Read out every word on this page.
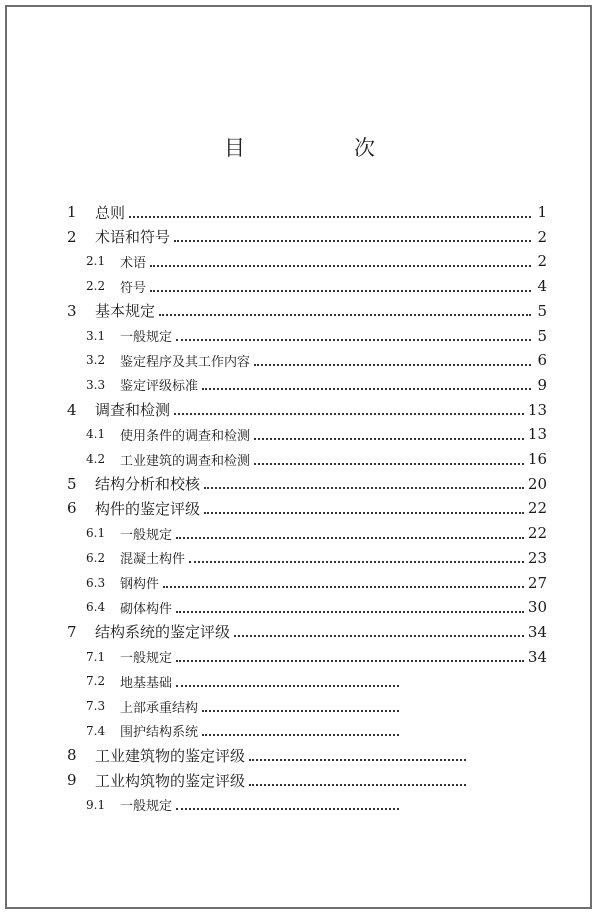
目　次
1	总则	1
2	术语和符号	2
2.1	术语	2
2.2	符号	4
3	基本规定	5
3.1	一般规定	5
3.2	鉴定程序及其工作内容	6
3.3	鉴定评级标准	9
4	调查和检测	13
4.1	使用条件的调查和检测	13
4.2	工业建筑的调查和检测	16
5	结构分析和校核	20
6	构件的鉴定评级	22
6.1	一般规定	22
6.2	混凝土构件	23
6.3	钢构件	27
6.4	砌体构件	30
7	结构系统的鉴定评级	34
7.1	一般规定	34
7.2	地基基础
7.3	上部承重结构
7.4	围护结构系统
8	工业建筑物的鉴定评级
9	工业构筑物的鉴定评级
9.1	一般规定
